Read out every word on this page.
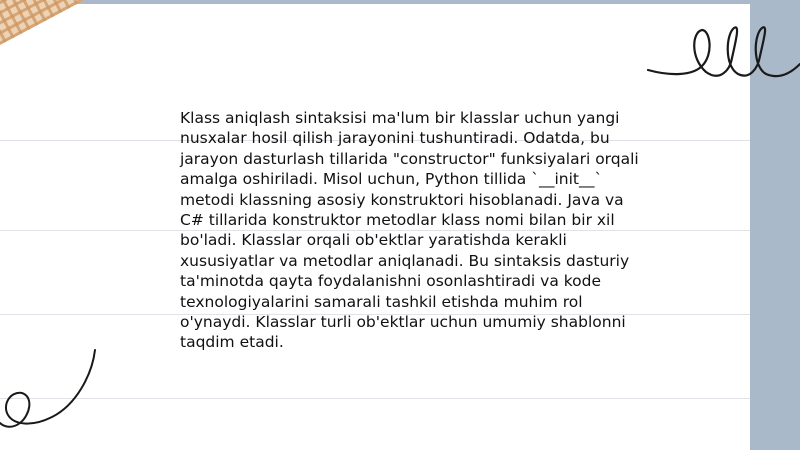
Klass aniqlash sintaksisi ma'lum bir klasslar uchun yangi nusxalar hosil qilish jarayonini tushuntiradi. Odatda, bu jarayon dasturlash tillarida "constructor" funksiyalari orqali amalga oshiriladi. Misol uchun, Python tillida `__init__` metodi klassning asosiy konstruktori hisoblanadi. Java va C# tillarida konstruktor metodlar klass nomi bilan bir xil bo'ladi. Klasslar orqali ob'ektlar yaratishda kerakli xususiyatlar va metodlar aniqlanadi. Bu sintaksis dasturiy ta'minotda qayta foydalanishni osonlashtiradi va kode texnologiyalarini samarali tashkil etishda muhim rol o'ynaydi. Klasslar turli ob'ektlar uchun umumiy shablonni taqdim etadi.
